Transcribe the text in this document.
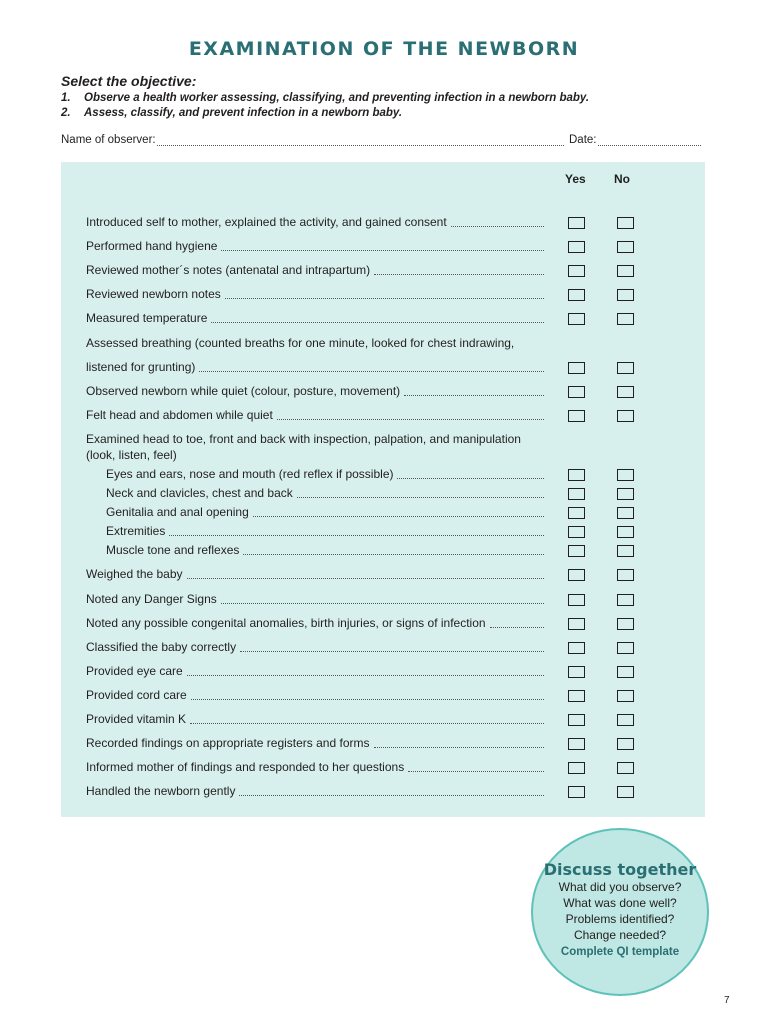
EXAMINATION OF THE NEWBORN
Select the objective:
1.	Observe a health worker assessing, classifying, and preventing infection in a newborn baby.
2.	Assess, classify, and prevent infection in a newborn baby.
Name of observer:	Date:
Yes No
Introduced self to mother, explained the activity, and gained consent
Performed hand hygiene
Reviewed mother´s notes (antenatal and intrapartum)
Reviewed newborn notes
Measured temperature
Assessed breathing (counted breaths for one minute, looked for chest indrawing,
listened for grunting)
Observed newborn while quiet (colour, posture, movement)
Felt head and abdomen while quiet
Examined head to toe, front and back with inspection, palpation, and manipulation
(look, listen, feel)
Eyes and ears, nose and mouth (red reflex if possible)
Neck and clavicles, chest and back
Genitalia and anal opening
Extremities
Muscle tone and reflexes
Weighed the baby
Noted any Danger Signs
Noted any possible congenital anomalies, birth injuries, or signs of infection
Classified the baby correctly
Provided eye care
Provided cord care
Provided vitamin K
Recorded findings on appropriate registers and forms
Informed mother of findings and responded to her questions
Handled the newborn gently
Discuss together
What did you observe?
What was done well?
Problems identified?
Change needed?
Complete QI template
7
